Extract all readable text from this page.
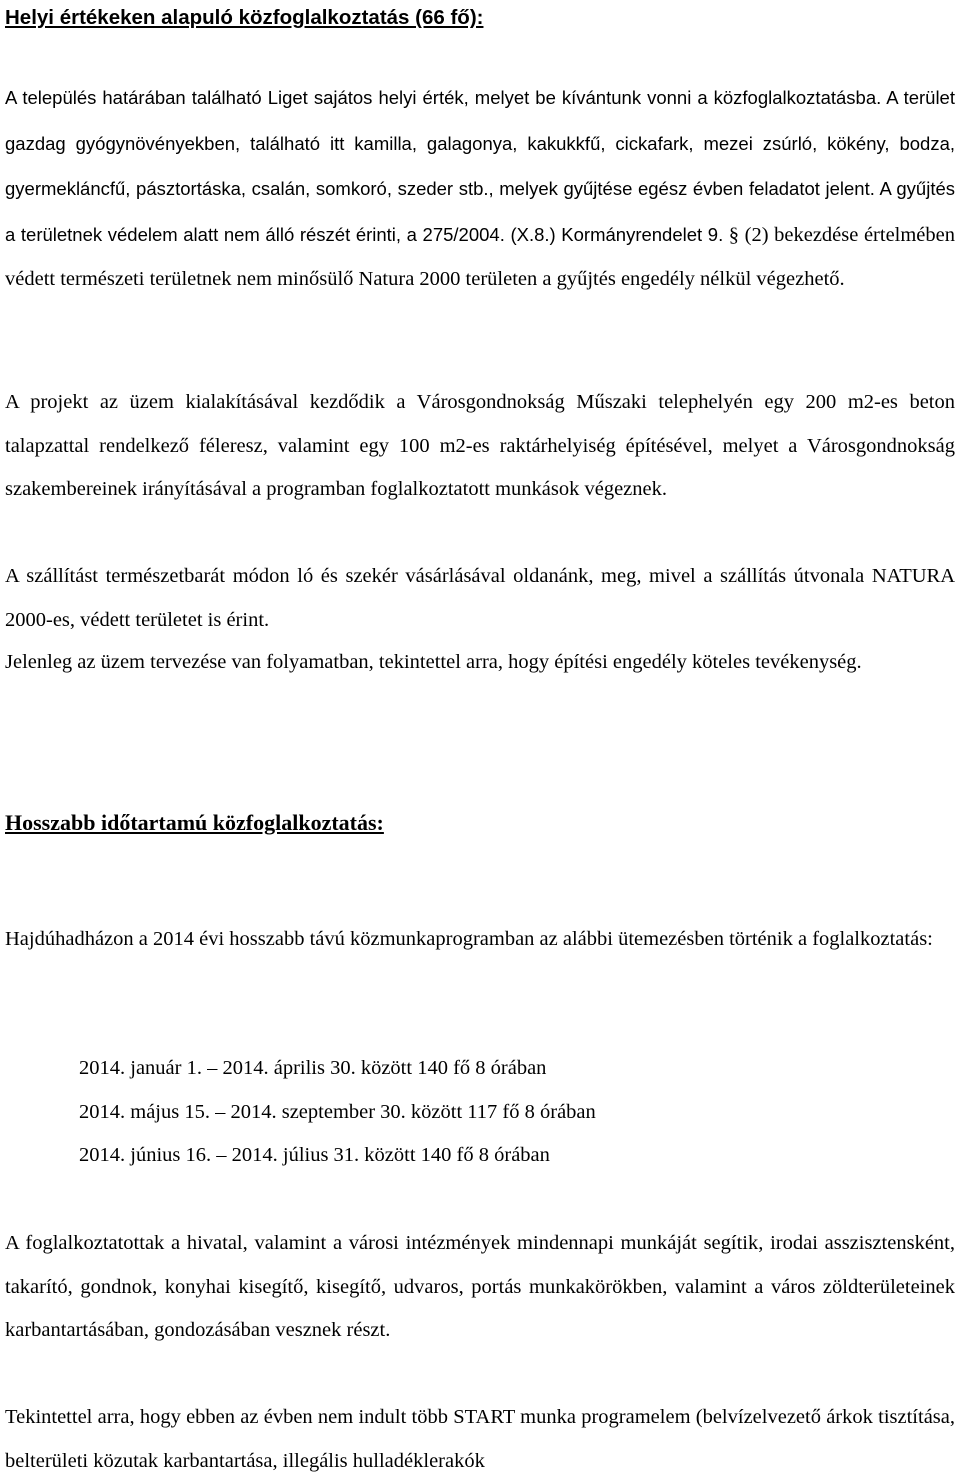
Helyi értékeken alapuló közfoglalkoztatás (66 fő):
A település határában található Liget sajátos helyi érték, melyet be kívántunk vonni a közfoglalkoztatásba. A terület gazdag gyógynövényekben, található itt kamilla, galagonya, kakukkfű, cickafark, mezei zsúrló, kökény, bodza, gyermekláncfű, pásztortáska, csalán, somkoró, szeder stb., melyek gyűjtése egész évben feladatot jelent. A gyűjtés a területnek védelem alatt nem álló részét érinti, a 275/2004. (X.8.) Kormányrendelet 9. § (2) bekezdése értelmében védett természeti területnek nem minősülő Natura 2000 területen a gyűjtés engedély nélkül végezhető.
A projekt az üzem kialakításával kezdődik a Városgondnokság Műszaki telephelyén egy 200 m2-es beton talapzattal rendelkező féleresz, valamint egy 100 m2-es raktárhelyiség építésével, melyet a Városgondnokság szakembereinek irányításával a programban foglalkoztatott munkások végeznek.
A szállítást természetbarát módon ló és szekér vásárlásával oldanánk, meg, mivel a szállítás útvonala NATURA 2000-es, védett területet is érint.
Jelenleg az üzem tervezése van folyamatban, tekintettel arra, hogy építési engedély köteles tevékenység.
Hosszabb időtartamú közfoglalkoztatás:
Hajdúhadházon a 2014 évi hosszabb távú közmunkaprogramban az alábbi ütemezésben történik a foglalkoztatás:
2014. január 1. – 2014. április 30. között 140 fő 8 órában
2014. május 15. – 2014. szeptember 30. között 117 fő 8 órában
2014. június 16. – 2014. július 31. között 140 fő 8 órában
A foglalkoztatottak a hivatal, valamint a városi intézmények mindennapi munkáját segítik, irodai asszisztensként, takarító, gondnok, konyhai kisegítő, kisegítő, udvaros, portás munkakörökben, valamint a város zöldterületeinek karbantartásában, gondozásában vesznek részt.
Tekintettel arra, hogy ebben az évben nem indult több START munka programelem (belvízelvezető árkok tisztítása, belterületi közutak karbantartása, illegális hulladéklerakók
